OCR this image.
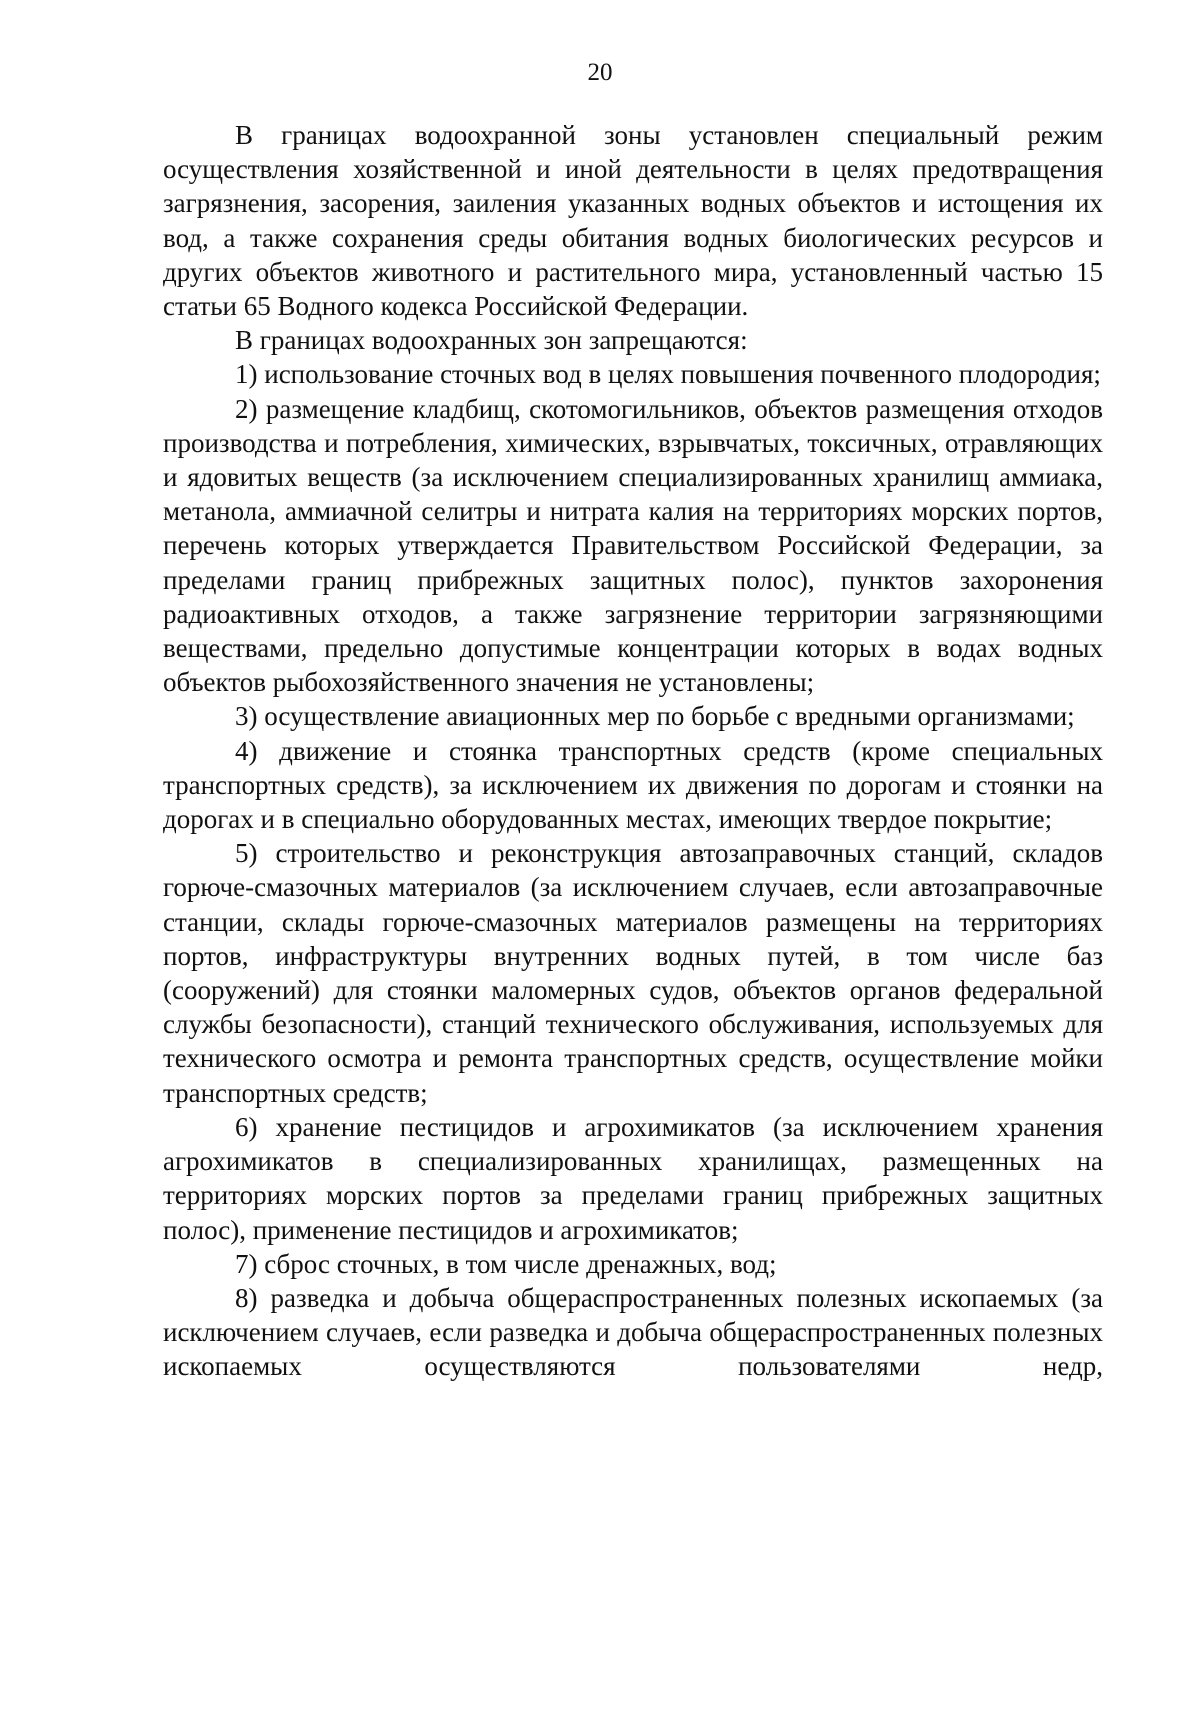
20

В границах водоохранной зоны установлен специальный режим осуществления хозяйственной и иной деятельности в целях предотвращения загрязнения, засорения, заиления указанных водных объектов и истощения их вод, а также сохранения среды обитания водных биологических ресурсов и других объектов животного и растительного мира, установленный частью 15 статьи 65 Водного кодекса Российской Федерации.

В границах водоохранных зон запрещаются:

1) использование сточных вод в целях повышения почвенного плодородия;

2) размещение кладбищ, скотомогильников, объектов размещения отходов производства и потребления, химических, взрывчатых, токсичных, отравляющих и ядовитых веществ (за исключением специализированных хранилищ аммиака, метанола, аммиачной селитры и нитрата калия на территориях морских портов, перечень которых утверждается Правительством Российской Федерации, за пределами границ прибрежных защитных полос), пунктов захоронения радиоактивных отходов, а также загрязнение территории загрязняющими веществами, предельно допустимые концентрации которых в водах водных объектов рыбохозяйственного значения не установлены;

3) осуществление авиационных мер по борьбе с вредными организмами;

4) движение и стоянка транспортных средств (кроме специальных транспортных средств), за исключением их движения по дорогам и стоянки на дорогах и в специально оборудованных местах, имеющих твердое покрытие;

5) строительство и реконструкция автозаправочных станций, складов горюче-смазочных материалов (за исключением случаев, если автозаправочные станции, склады горюче-смазочных материалов размещены на территориях портов, инфраструктуры внутренних водных путей, в том числе баз (сооружений) для стоянки маломерных судов, объектов органов федеральной службы безопасности), станций технического обслуживания, используемых для технического осмотра и ремонта транспортных средств, осуществление мойки транспортных средств;

6) хранение пестицидов и агрохимикатов (за исключением хранения агрохимикатов в специализированных хранилищах, размещенных на территориях морских портов за пределами границ прибрежных защитных полос), применение пестицидов и агрохимикатов;

7) сброс сточных, в том числе дренажных, вод;

8) разведка и добыча общераспространенных полезных ископаемых (за исключением случаев, если разведка и добыча общераспространенных полезных ископаемых осуществляются пользователями недр,
